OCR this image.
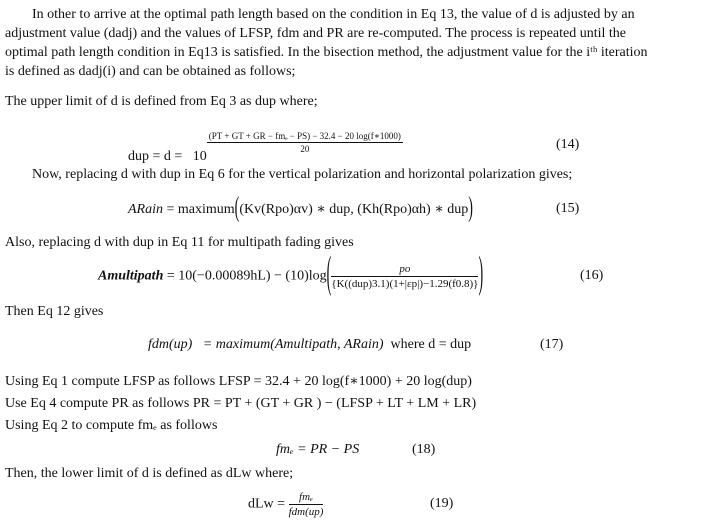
In other to arrive at the optimal path length based on the condition in Eq 13, the value of d is adjusted by an
adjustment value (dadj) and the values of LFSP, fdm and PR are re-computed. The process is repeated until the
optimal path length condition in Eq13 is satisfied. In the bisection method, the adjustment value for the iᵗʰ iteration
is defined as dadj(i) and can be obtained as follows;
The upper limit of d is defined from Eq 3 as dup where;
dup = d = 10
$\frac{\text{(PT + GT + GR − fmₑ − PS) − 32.4 − 20 log(f∗1000)}}{20}$	(14)
Now, replacing d with dup in Eq 6 for the vertical polarization and horizontal polarization gives;
ARain = maximum((Kv(Rpo)αv) ∗ dup, (Kh(Rpo)αh) ∗ dup)	(15)
Also, replacing d with dup in Eq 11 for multipath fading gives
Amultipath = $10(-0.00089hL) - (10)\log( \frac{po}{\text{\{K((dup)3.1)(1+|εp|)−1.29(f0.8)\}}}$ )	(16)
Then Eq 12 gives
fdm(up) = maximum(Amultipath, ARain) where d = dup	(17)
Using Eq 1 compute LFSP as follows LFSP = 32.4 + 20 log(f∗1000) + 20 log(dup)
Use Eq 4 compute PR as follows PR = PT + (GT + GR ) − (LFSP + LT + LM + LR)
Using Eq 2 to compute fmₑ as follows
fmₑ = PR − PS	(18)
Then, the lower limit of d is defined as dLw where;
dLw = $\frac{\text{fmₑ}}{\text{fdm(up)}}$	(19)
